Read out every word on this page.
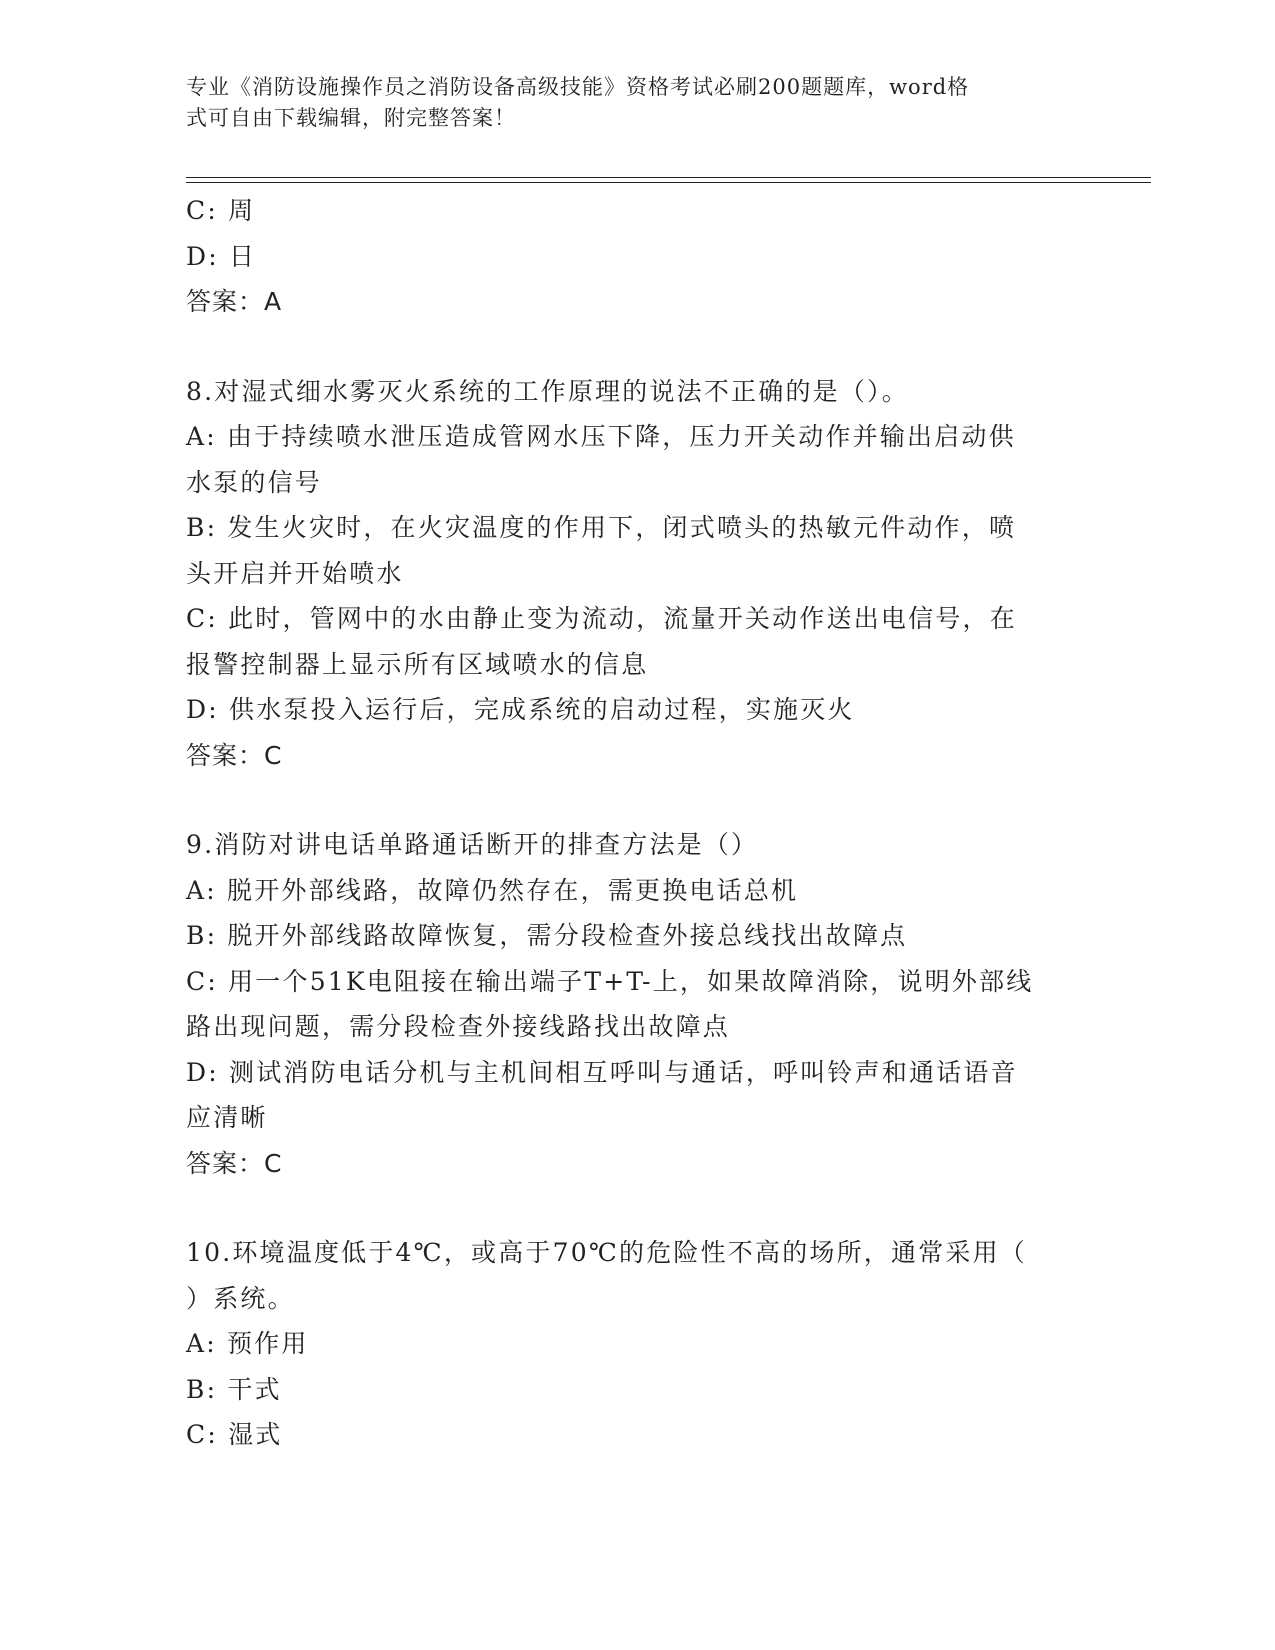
专业《消防设施操作员之消防设备高级技能》资格考试必刷200题题库，word格
式可自由下载编辑，附完整答案！
C: 周
D: 日
答案：A
8.对湿式细水雾灭火系统的工作原理的说法不正确的是（）。
A: 由于持续喷水泄压造成管网水压下降，压力开关动作并输出启动供
水泵的信号
B: 发生火灾时，在火灾温度的作用下，闭式喷头的热敏元件动作，喷
头开启并开始喷水
C: 此时，管网中的水由静止变为流动，流量开关动作送出电信号，在
报警控制器上显示所有区域喷水的信息
D: 供水泵投入运行后，完成系统的启动过程，实施灭火
答案：C
9.消防对讲电话单路通话断开的排查方法是（）
A: 脱开外部线路，故障仍然存在，需更换电话总机
B: 脱开外部线路故障恢复，需分段检查外接总线找出故障点
C: 用一个51K电阻接在输出端子T+T-上，如果故障消除，说明外部线
路出现问题，需分段检查外接线路找出故障点
D: 测试消防电话分机与主机间相互呼叫与通话，呼叫铃声和通话语音
应清晰
答案：C
10.环境温度低于4℃，或高于70℃的危险性不高的场所，通常采用（
）系统。
A: 预作用
B: 干式
C: 湿式
